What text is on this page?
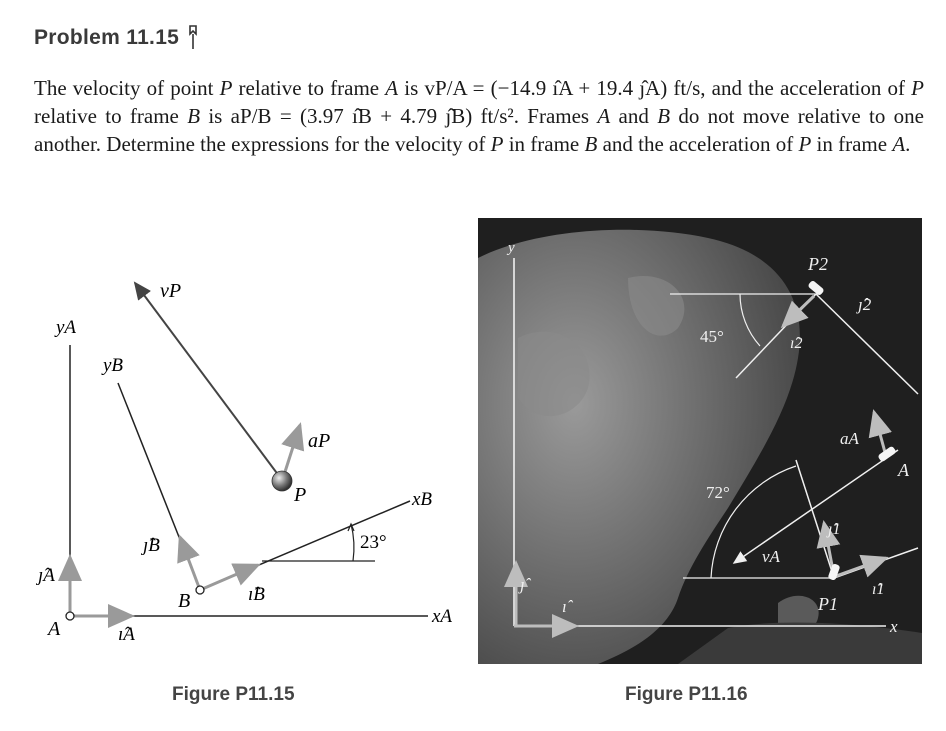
Problem 11.15
The velocity of point P relative to frame A is vP/A = (−14.9 ı̂A + 19.4 ȷ̂A) ft/s, and the acceleration of P relative to frame B is aP/B = (3.97 ı̂B + 4.79 ȷ̂B) ft/s². Frames A and B do not move relative to one another. Determine the expressions for the velocity of P in frame B and the acceleration of P in frame A.
yA
yB
xA
xB
vP
aP
P
A
B
ı̂A
ȷ̂A
ı̂B
ȷ̂B	23°
y
x
ı̂
ȷ̂
P2
ȷ̂2
ı̂2
45°
aA
A
72°
ȷ̂1
vA
ı̂1
P1
Figure P11.15	Figure P11.16
